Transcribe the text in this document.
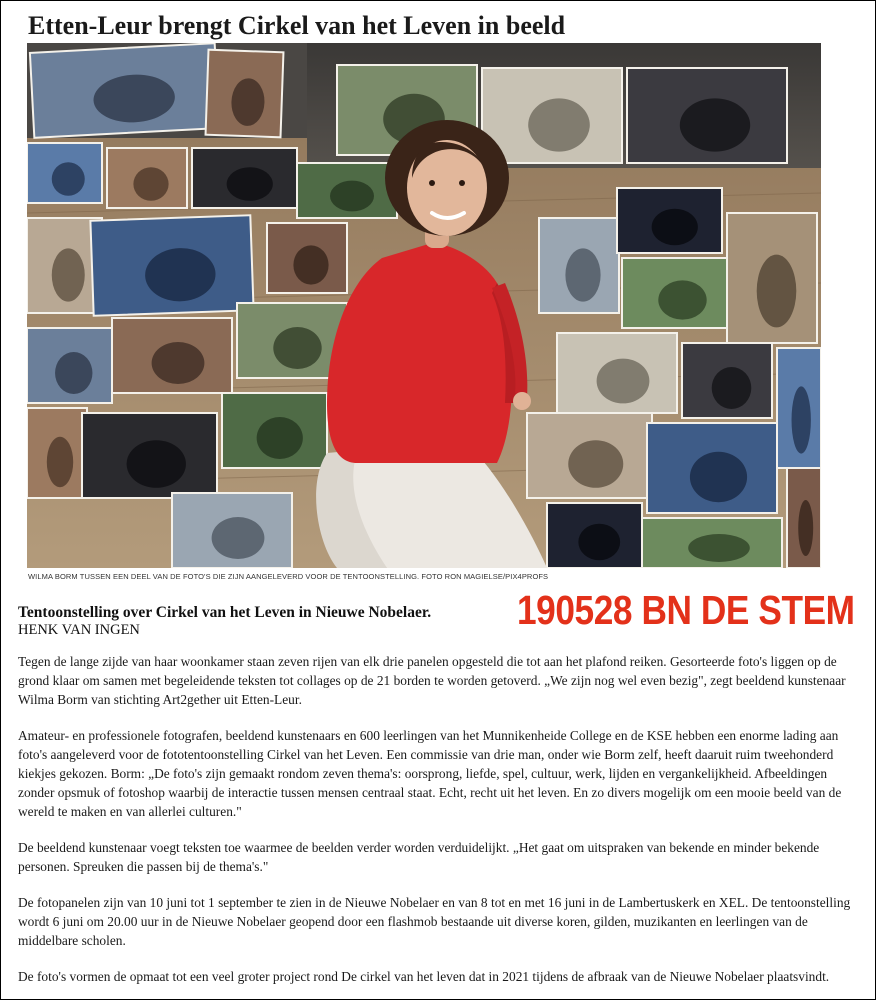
Etten-Leur brengt Cirkel van het Leven in beeld
WILMA BORM TUSSEN EEN DEEL VAN DE FOTO'S DIE ZIJN AANGELEVERD VOOR DE TENTOONSTELLING. FOTO RON MAGIELSE/PIX4PROFS
190528 BN DE STEM
Tentoonstelling over Cirkel van het Leven in Nieuwe Nobelaer.
HENK VAN INGEN

Tegen de lange zijde van haar woonkamer staan zeven rijen van elk drie panelen opgesteld die tot aan het plafond reiken. Gesorteerde foto's liggen op de grond klaar om samen met begeleidende teksten tot collages op de 21 borden te worden getoverd. „We zijn nog wel even bezig", zegt beeldend kunstenaar Wilma Borm van stichting Art2gether uit Etten-Leur.

Amateur- en professionele fotografen, beeldend kunstenaars en 600 leerlingen van het Munnikenheide College en de KSE hebben een enorme lading aan foto's aangeleverd voor de fototentoonstelling Cirkel van het Leven. Een commissie van drie man, onder wie Borm zelf, heeft daaruit ruim tweehonderd kiekjes gekozen. Borm: „De foto's zijn gemaakt rondom zeven thema's: oorsprong, liefde, spel, cultuur, werk, lijden en vergankelijkheid. Afbeeldingen zonder opsmuk of fotoshop waarbij de interactie tussen mensen centraal staat. Echt, recht uit het leven. En zo divers mogelijk om een mooie beeld van de wereld te maken en van allerlei culturen."

De beeldend kunstenaar voegt teksten toe waarmee de beelden verder worden verduidelijkt. „Het gaat om uitspraken van bekende en minder bekende personen. Spreuken die passen bij de thema's."

De fotopanelen zijn van 10 juni tot 1 september te zien in de Nieuwe Nobelaer en van 8 tot en met 16 juni in de Lambertuskerk en XEL. De tentoonstelling wordt 6 juni om 20.00 uur in de Nieuwe Nobelaer geopend door een flashmob bestaande uit diverse koren, gilden, muzikanten en leerlingen van de middelbare scholen.

De foto's vormen de opmaat tot een veel groter project rond De cirkel van het leven dat in 2021 tijdens de afbraak van de Nieuwe Nobelaer plaatsvindt.
